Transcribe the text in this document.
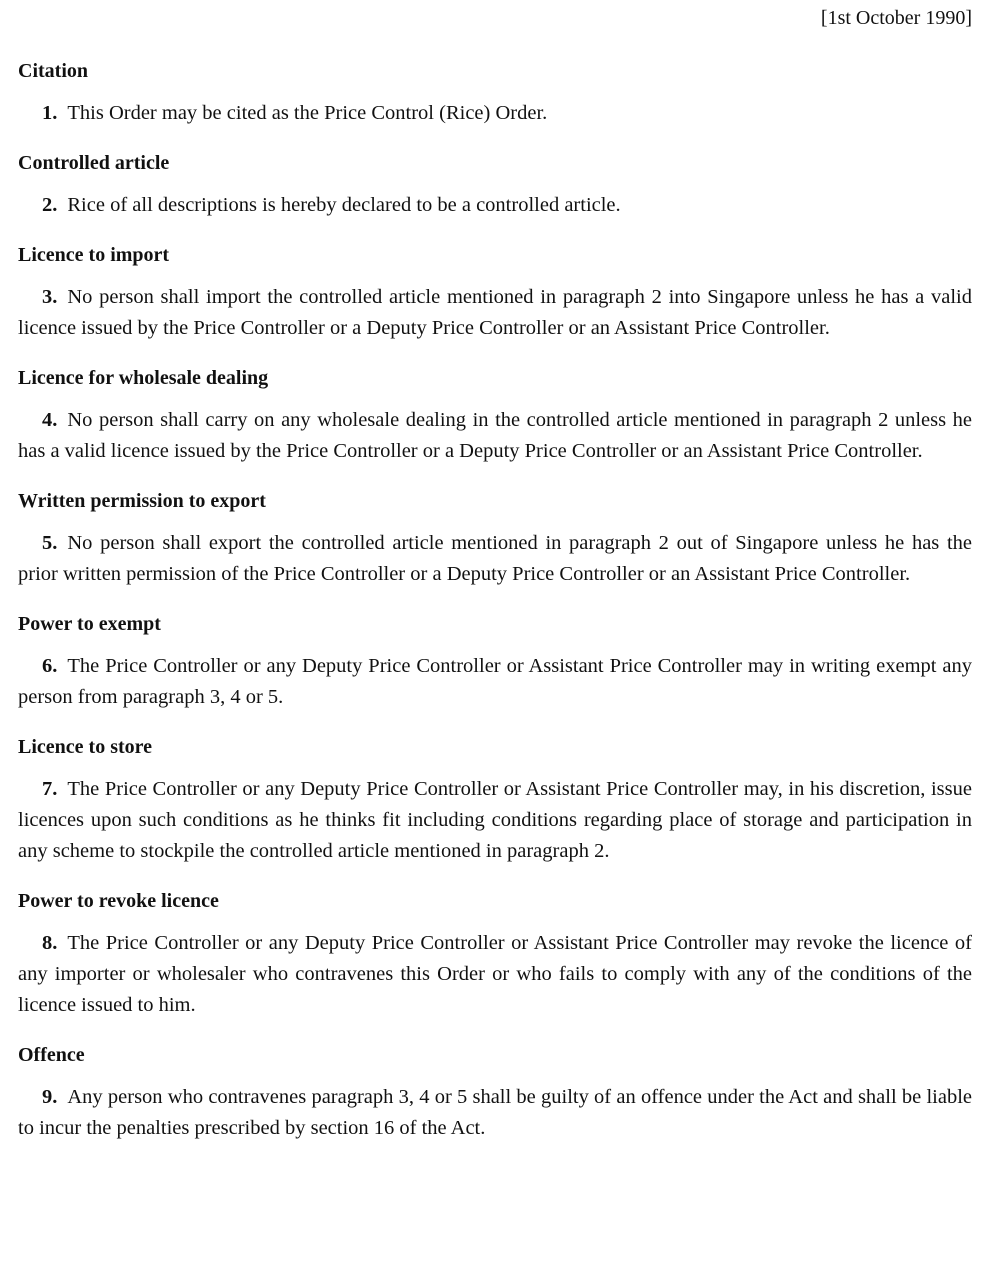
[1st October 1990]
Citation

1. This Order may be cited as the Price Control (Rice) Order.

Controlled article

2. Rice of all descriptions is hereby declared to be a controlled article.

Licence to import

3. No person shall import the controlled article mentioned in paragraph 2 into Singapore unless he has a valid licence issued by the Price Controller or a Deputy Price Controller or an Assistant Price Controller.

Licence for wholesale dealing

4. No person shall carry on any wholesale dealing in the controlled article mentioned in paragraph 2 unless he has a valid licence issued by the Price Controller or a Deputy Price Controller or an Assistant Price Controller.

Written permission to export

5. No person shall export the controlled article mentioned in paragraph 2 out of Singapore unless he has the prior written permission of the Price Controller or a Deputy Price Controller or an Assistant Price Controller.

Power to exempt

6. The Price Controller or any Deputy Price Controller or Assistant Price Controller may in writing exempt any person from paragraph 3, 4 or 5.

Licence to store

7. The Price Controller or any Deputy Price Controller or Assistant Price Controller may, in his discretion, issue licences upon such conditions as he thinks fit including conditions regarding place of storage and participation in any scheme to stockpile the controlled article mentioned in paragraph 2.

Power to revoke licence

8. The Price Controller or any Deputy Price Controller or Assistant Price Controller may revoke the licence of any importer or wholesaler who contravenes this Order or who fails to comply with any of the conditions of the licence issued to him.

Offence

9. Any person who contravenes paragraph 3, 4 or 5 shall be guilty of an offence under the Act and shall be liable to incur the penalties prescribed by section 16 of the Act.
